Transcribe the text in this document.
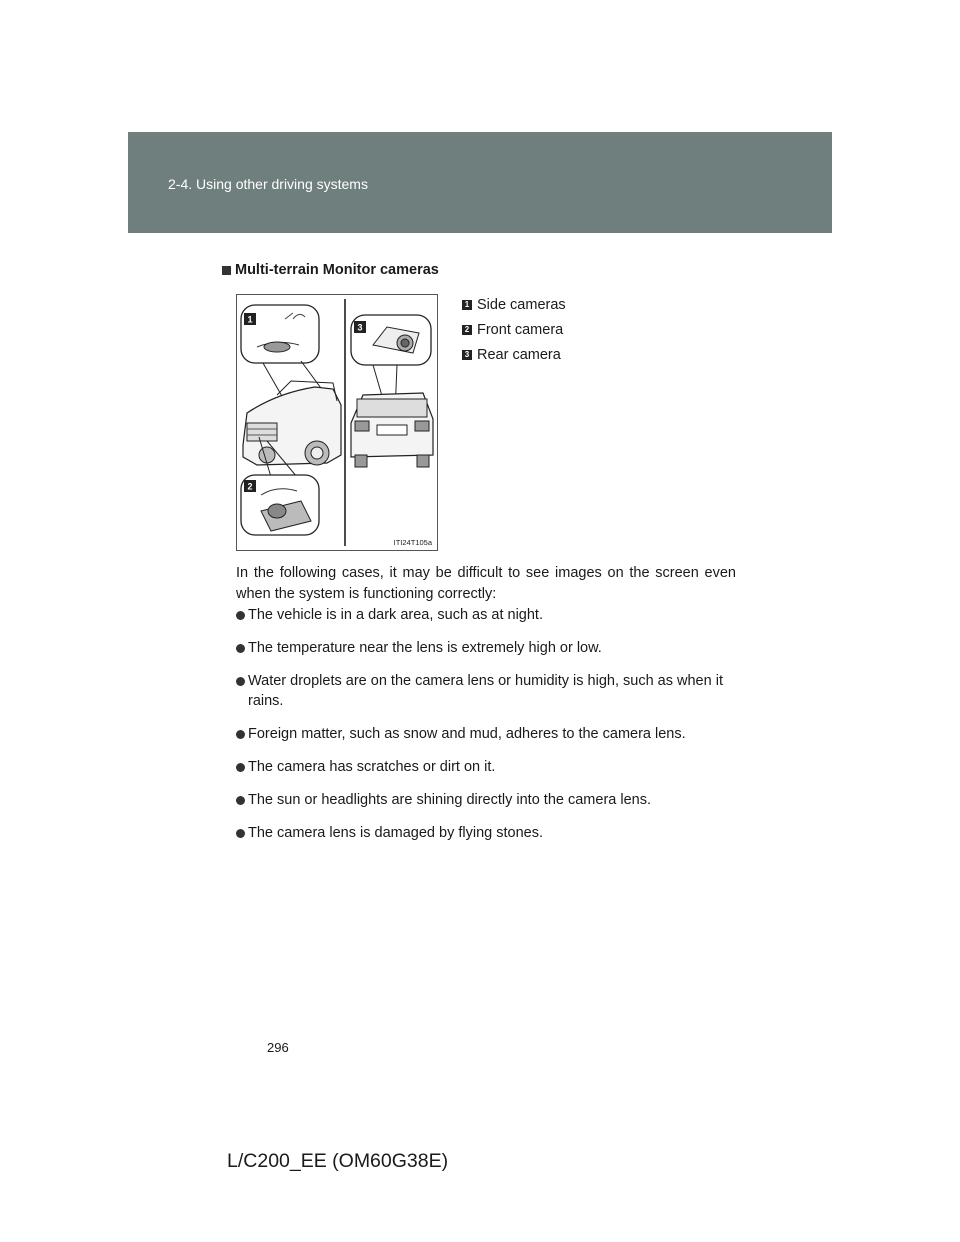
2-4. Using other driving systems
Multi-terrain Monitor cameras
1
3
2
ITI24T105a
1 Side cameras
2 Front camera
3 Rear camera
In the following cases, it may be difficult to see images on the screen even when the system is functioning correctly:
The vehicle is in a dark area, such as at night.
The temperature near the lens is extremely high or low.
Water droplets are on the camera lens or humidity is high, such as when it rains.
Foreign matter, such as snow and mud, adheres to the camera lens.
The camera has scratches or dirt on it.
The sun or headlights are shining directly into the camera lens.
The camera lens is damaged by flying stones.
296
L/C200_EE (OM60G38E)
